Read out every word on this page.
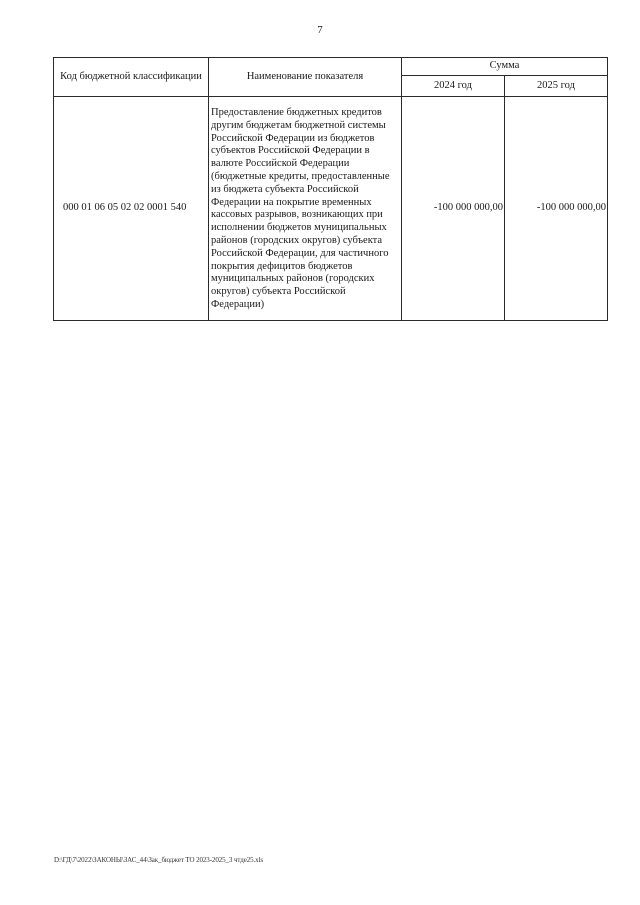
7
Код бюджетной классификации	Наименование показателя	Сумма	
		2024 год	2025 год
000 01 06 05 02 02 0001 540	Предоставление бюджетных кредитов другим бюджетам бюджетной системы Российской Федерации из бюджетов субъектов Российской Федерации в валюте Российской Федерации (бюджетные кредиты, предоставленные из бюджета субъекта Российской Федерации на покрытие временных кассовых разрывов, возникающих при исполнении бюджетов муниципальных районов (городских округов) субъекта Российской Федерации, для частичного покрытия дефицитов бюджетов муниципальных районов (городских округов) субъекта Российской Федерации)	-100 000 000,00	-100 000 000,00
D:\ГД\7\2022\ЗАКОНЫ\ЗАС_44\Зак_бюджет ТО 2023-2025_3 чтде25.xls
